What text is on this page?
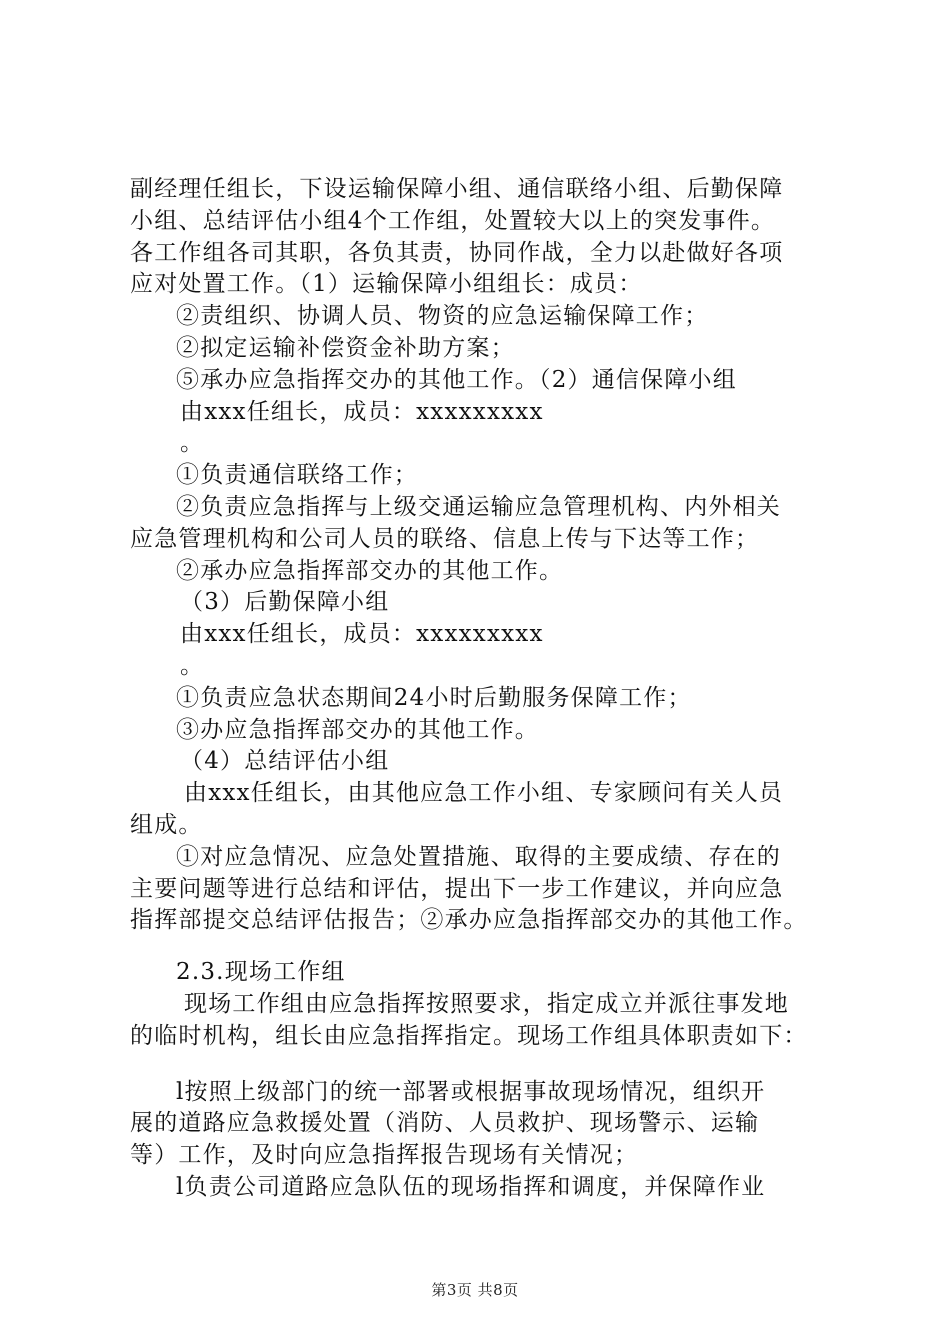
副经理任组长，下设运输保障小组、通信联络小组、后勤保障
小组、总结评估小组4个工作组，处置较大以上的突发事件。
各工作组各司其职，各负其责，协同作战，全力以赴做好各项
应对处置工作。（1）运输保障小组组长：成员：
②责组织、协调人员、物资的应急运输保障工作；
②拟定运输补偿资金补助方案；
⑤承办应急指挥交办的其他工作。（2）通信保障小组
由xxx任组长，成员：xxxxxxxxx
。
①负责通信联络工作；
②负责应急指挥与上级交通运输应急管理机构、内外相关
应急管理机构和公司人员的联络、信息上传与下达等工作；
②承办应急指挥部交办的其他工作。
（3）后勤保障小组
由xxx任组长，成员：xxxxxxxxx
。
①负责应急状态期间24小时后勤服务保障工作；
③办应急指挥部交办的其他工作。
（4）总结评估小组
由xxx任组长，由其他应急工作小组、专家顾问有关人员
组成。
①对应急情况、应急处置措施、取得的主要成绩、存在的
主要问题等进行总结和评估，提出下一步工作建议，并向应急
指挥部提交总结评估报告；②承办应急指挥部交办的其他工作。
2.3.现场工作组
现场工作组由应急指挥按照要求，指定成立并派往事发地
的临时机构，组长由应急指挥指定。现场工作组具体职责如下：
l按照上级部门的统一部署或根据事故现场情况，组织开
展的道路应急救援处置（消防、人员救护、现场警示、运输
等）工作，及时向应急指挥报告现场有关情况；
l负责公司道路应急队伍的现场指挥和调度，并保障作业
第3页 共8页
